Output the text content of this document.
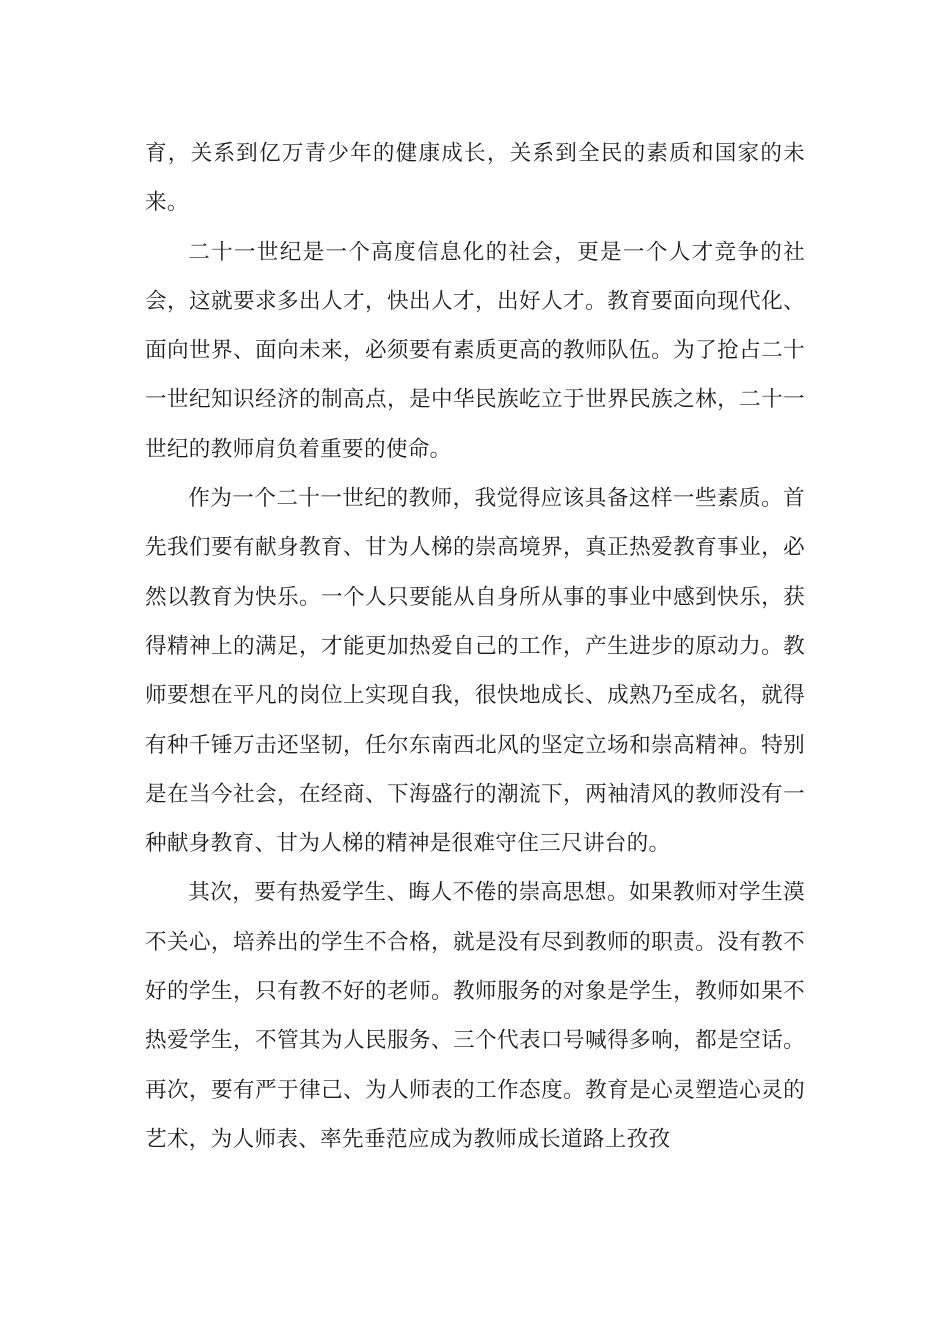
育，关系到亿万青少年的健康成长，关系到全民的素质和国家的未来。

二十一世纪是一个高度信息化的社会，更是一个人才竞争的社会，这就要求多出人才，快出人才，出好人才。教育要面向现代化、面向世界、面向未来，必须要有素质更高的教师队伍。为了抢占二十一世纪知识经济的制高点，是中华民族屹立于世界民族之林，二十一世纪的教师肩负着重要的使命。

作为一个二十一世纪的教师，我觉得应该具备这样一些素质。首先我们要有献身教育、甘为人梯的崇高境界，真正热爱教育事业，必然以教育为快乐。一个人只要能从自身所从事的事业中感到快乐，获得精神上的满足，才能更加热爱自己的工作，产生进步的原动力。教师要想在平凡的岗位上实现自我，很快地成长、成熟乃至成名，就得有种千锤万击还坚韧，任尔东南西北风的坚定立场和崇高精神。特别是在当今社会，在经商、下海盛行的潮流下，两袖清风的教师没有一种献身教育、甘为人梯的精神是很难守住三尺讲台的。

其次，要有热爱学生、晦人不倦的崇高思想。如果教师对学生漠不关心，培养出的学生不合格，就是没有尽到教师的职责。没有教不好的学生，只有教不好的老师。教师服务的对象是学生，教师如果不热爱学生，不管其为人民服务、三个代表口号喊得多响，都是空话。再次，要有严于律己、为人师表的工作态度。教育是心灵塑造心灵的艺术，为人师表、率先垂范应成为教师成长道路上孜孜
